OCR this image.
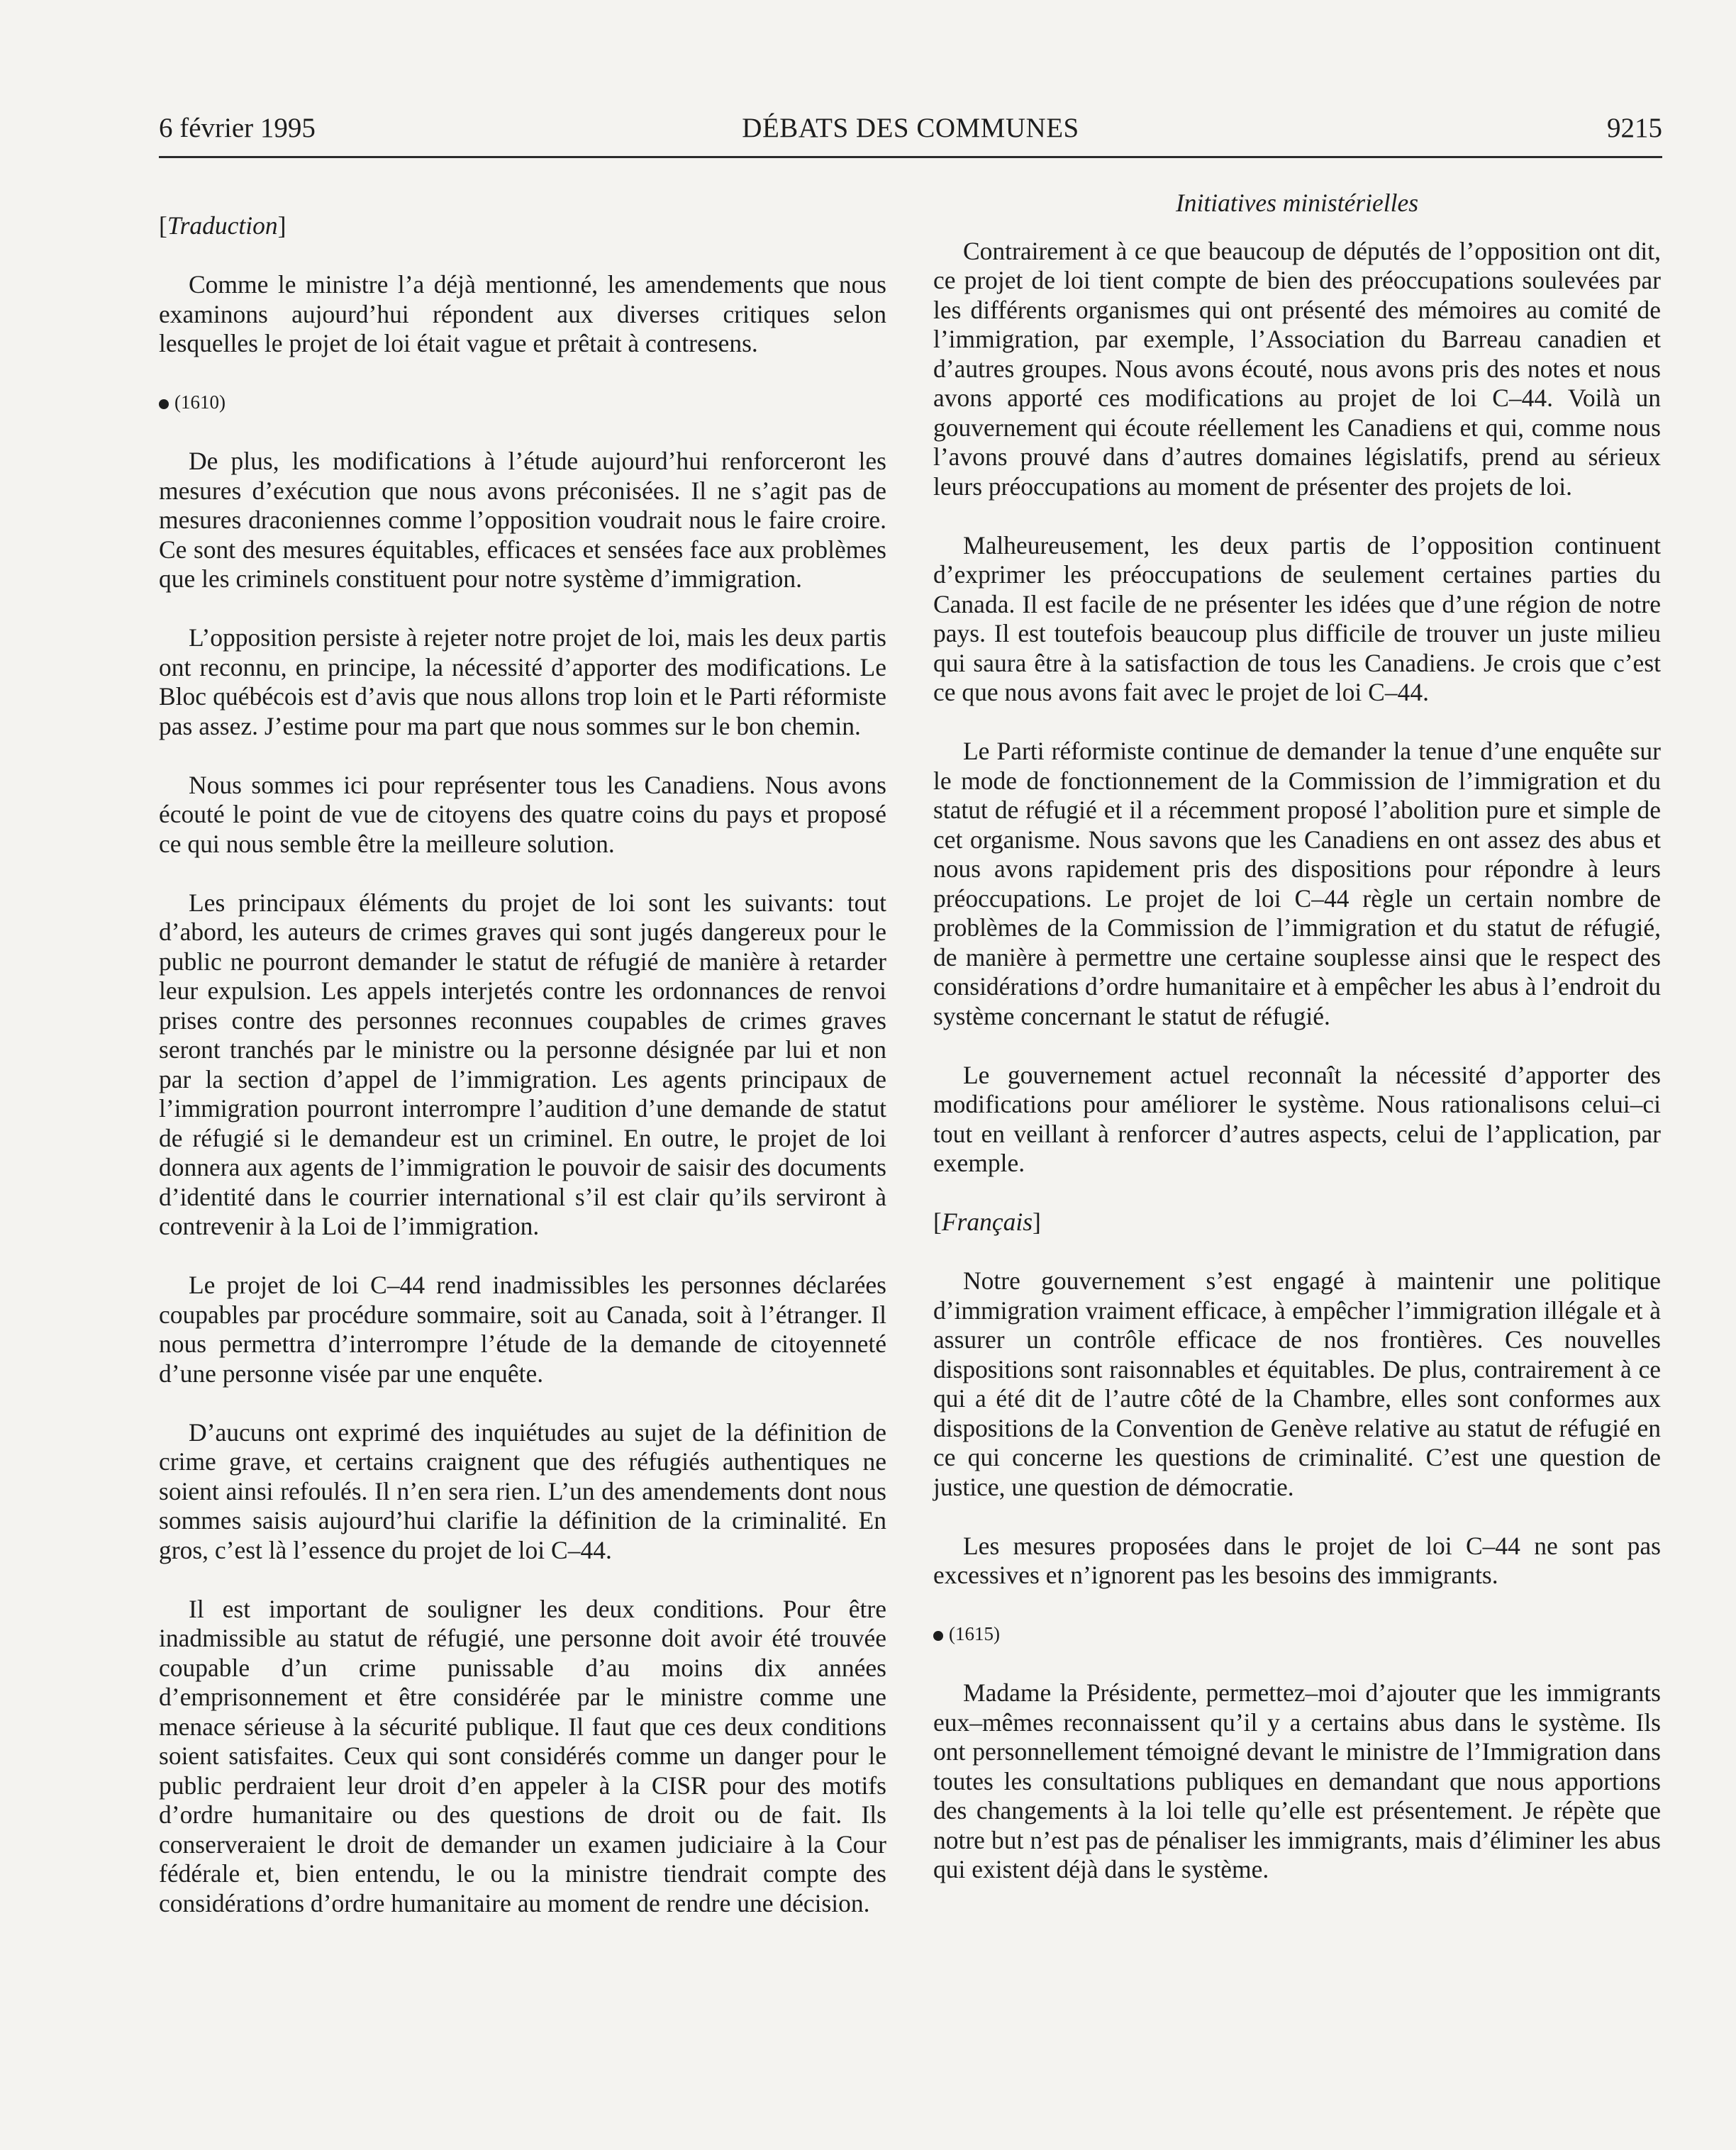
6 février 1995	DÉBATS DES COMMUNES	9215

[Traduction]

Comme le ministre l’a déjà mentionné, les amendements que nous examinons aujourd’hui répondent aux diverses critiques selon lesquelles le projet de loi était vague et prêtait à contresens.

(1610)

De plus, les modifications à l’étude aujourd’hui renforceront les mesures d’exécution que nous avons préconisées. Il ne s’agit pas de mesures draconiennes comme l’opposition voudrait nous le faire croire. Ce sont des mesures équitables, efficaces et sensées face aux problèmes que les criminels constituent pour notre système d’immigration.

L’opposition persiste à rejeter notre projet de loi, mais les deux partis ont reconnu, en principe, la nécessité d’apporter des modifications. Le Bloc québécois est d’avis que nous allons trop loin et le Parti réformiste pas assez. J’estime pour ma part que nous sommes sur le bon chemin.

Nous sommes ici pour représenter tous les Canadiens. Nous avons écouté le point de vue de citoyens des quatre coins du pays et proposé ce qui nous semble être la meilleure solution.

Les principaux éléments du projet de loi sont les suivants: tout d’abord, les auteurs de crimes graves qui sont jugés dangereux pour le public ne pourront demander le statut de réfugié de manière à retarder leur expulsion. Les appels interjetés contre les ordonnances de renvoi prises contre des personnes reconnues coupables de crimes graves seront tranchés par le ministre ou la personne désignée par lui et non par la section d’appel de l’immigration. Les agents principaux de l’immigration pourront interrompre l’audition d’une demande de statut de réfugié si le demandeur est un criminel. En outre, le projet de loi donnera aux agents de l’immigration le pouvoir de saisir des documents d’identité dans le courrier international s’il est clair qu’ils serviront à contrevenir à la Loi de l’immigration.

Le projet de loi C–44 rend inadmissibles les personnes déclarées coupables par procédure sommaire, soit au Canada, soit à l’étranger. Il nous permettra d’interrompre l’étude de la demande de citoyenneté d’une personne visée par une enquête.

D’aucuns ont exprimé des inquiétudes au sujet de la définition de crime grave, et certains craignent que des réfugiés authentiques ne soient ainsi refoulés. Il n’en sera rien. L’un des amendements dont nous sommes saisis aujourd’hui clarifie la définition de la criminalité. En gros, c’est là l’essence du projet de loi C–44.

Il est important de souligner les deux conditions. Pour être inadmissible au statut de réfugié, une personne doit avoir été trouvée coupable d’un crime punissable d’au moins dix années d’emprisonnement et être considérée par le ministre comme une menace sérieuse à la sécurité publique. Il faut que ces deux conditions soient satisfaites. Ceux qui sont considérés comme un danger pour le public perdraient leur droit d’en appeler à la CISR pour des motifs d’ordre humanitaire ou des questions de droit ou de fait. Ils conserveraient le droit de demander un examen judiciaire à la Cour fédérale et, bien entendu, le ou la ministre tiendrait compte des considérations d’ordre humanitaire au moment de rendre une décision.

Initiatives ministérielles

Contrairement à ce que beaucoup de députés de l’opposition ont dit, ce projet de loi tient compte de bien des préoccupations soulevées par les différents organismes qui ont présenté des mémoires au comité de l’immigration, par exemple, l’Association du Barreau canadien et d’autres groupes. Nous avons écouté, nous avons pris des notes et nous avons apporté ces modifications au projet de loi C–44. Voilà un gouvernement qui écoute réellement les Canadiens et qui, comme nous l’avons prouvé dans d’autres domaines législatifs, prend au sérieux leurs préoccupations au moment de présenter des projets de loi.

Malheureusement, les deux partis de l’opposition continuent d’exprimer les préoccupations de seulement certaines parties du Canada. Il est facile de ne présenter les idées que d’une région de notre pays. Il est toutefois beaucoup plus difficile de trouver un juste milieu qui saura être à la satisfaction de tous les Canadiens. Je crois que c’est ce que nous avons fait avec le projet de loi C–44.

Le Parti réformiste continue de demander la tenue d’une enquête sur le mode de fonctionnement de la Commission de l’immigration et du statut de réfugié et il a récemment proposé l’abolition pure et simple de cet organisme. Nous savons que les Canadiens en ont assez des abus et nous avons rapidement pris des dispositions pour répondre à leurs préoccupations. Le projet de loi C–44 règle un certain nombre de problèmes de la Commission de l’immigration et du statut de réfugié, de manière à permettre une certaine souplesse ainsi que le respect des considérations d’ordre humanitaire et à empêcher les abus à l’endroit du système concernant le statut de réfugié.

Le gouvernement actuel reconnaît la nécessité d’apporter des modifications pour améliorer le système. Nous rationalisons celui–ci tout en veillant à renforcer d’autres aspects, celui de l’application, par exemple.

[Français]

Notre gouvernement s’est engagé à maintenir une politique d’immigration vraiment efficace, à empêcher l’immigration illégale et à assurer un contrôle efficace de nos frontières. Ces nouvelles dispositions sont raisonnables et équitables. De plus, contrairement à ce qui a été dit de l’autre côté de la Chambre, elles sont conformes aux dispositions de la Convention de Genève relative au statut de réfugié en ce qui concerne les questions de criminalité. C’est une question de justice, une question de démocratie.

Les mesures proposées dans le projet de loi C–44 ne sont pas excessives et n’ignorent pas les besoins des immigrants.

(1615)

Madame la Présidente, permettez–moi d’ajouter que les immigrants eux–mêmes reconnaissent qu’il y a certains abus dans le système. Ils ont personnellement témoigné devant le ministre de l’Immigration dans toutes les consultations publiques en demandant que nous apportions des changements à la loi telle qu’elle est présentement. Je répète que notre but n’est pas de pénaliser les immigrants, mais d’éliminer les abus qui existent déjà dans le système.
